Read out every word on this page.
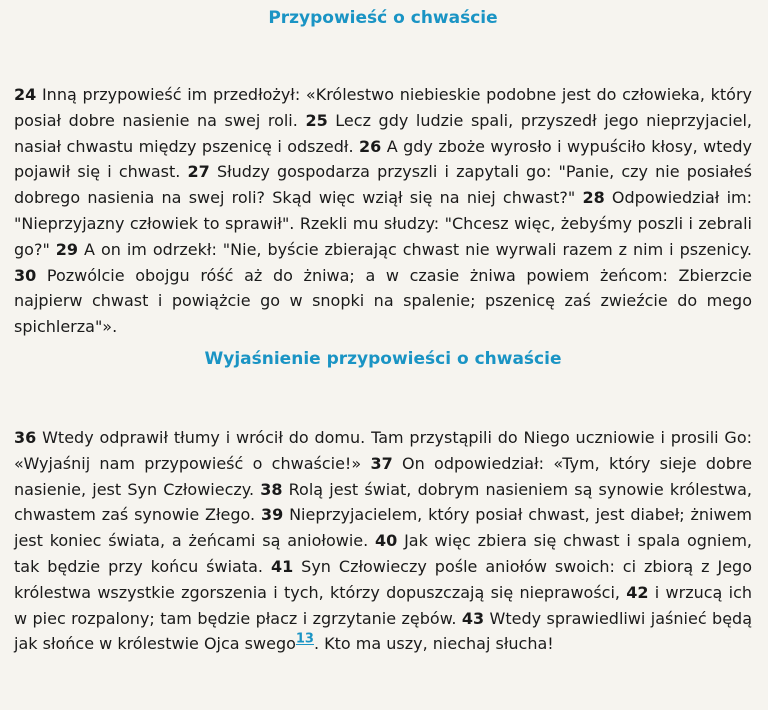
Przypowieść o chwaście

24 Inną przypowieść im przedłożył: «Królestwo niebieskie podobne jest do człowieka, który posiał dobre nasienie na swej roli. 25 Lecz gdy ludzie spali, przyszedł jego nieprzyjaciel, nasiał chwastu między pszenicę i odszedł. 26 A gdy zboże wyrosło i wypuściło kłosy, wtedy pojawił się i chwast. 27 Słudzy gospodarza przyszli i zapytali go: "Panie, czy nie posiałeś dobrego nasienia na swej roli? Skąd więc wziął się na niej chwast?" 28 Odpowiedział im: "Nieprzyjazny człowiek to sprawił". Rzekli mu słudzy: "Chcesz więc, żebyśmy poszli i zebrali go?" 29 A on im odrzekł: "Nie, byście zbierając chwast nie wyrwali razem z nim i pszenicy. 30 Pozwólcie obojgu róść aż do żniwa; a w czasie żniwa powiem żeńcom: Zbierzcie najpierw chwast i powiążcie go w snopki na spalenie; pszenicę zaś zwieźcie do mego spichlerza"».

Wyjaśnienie przypowieści o chwaście

36 Wtedy odprawił tłumy i wrócił do domu. Tam przystąpili do Niego uczniowie i prosili Go: «Wyjaśnij nam przypowieść o chwaście!» 37 On odpowiedział: «Tym, który sieje dobre nasienie, jest Syn Człowieczy. 38 Rolą jest świat, dobrym nasieniem są synowie królestwa, chwastem zaś synowie Złego. 39 Nieprzyjacielem, który posiał chwast, jest diabeł; żniwem jest koniec świata, a żeńcami są aniołowie. 40 Jak więc zbiera się chwast i spala ogniem, tak będzie przy końcu świata. 41 Syn Człowieczy pośle aniołów swoich: ci zbiorą z Jego królestwa wszystkie zgorszenia i tych, którzy dopuszczają się nieprawości, 42 i wrzucą ich w piec rozpalony; tam będzie płacz i zgrzytanie zębów. 43 Wtedy sprawiedliwi jaśnieć będą jak słońce w królestwie Ojca swego$^{13}$. Kto ma uszy, niechaj słucha!
